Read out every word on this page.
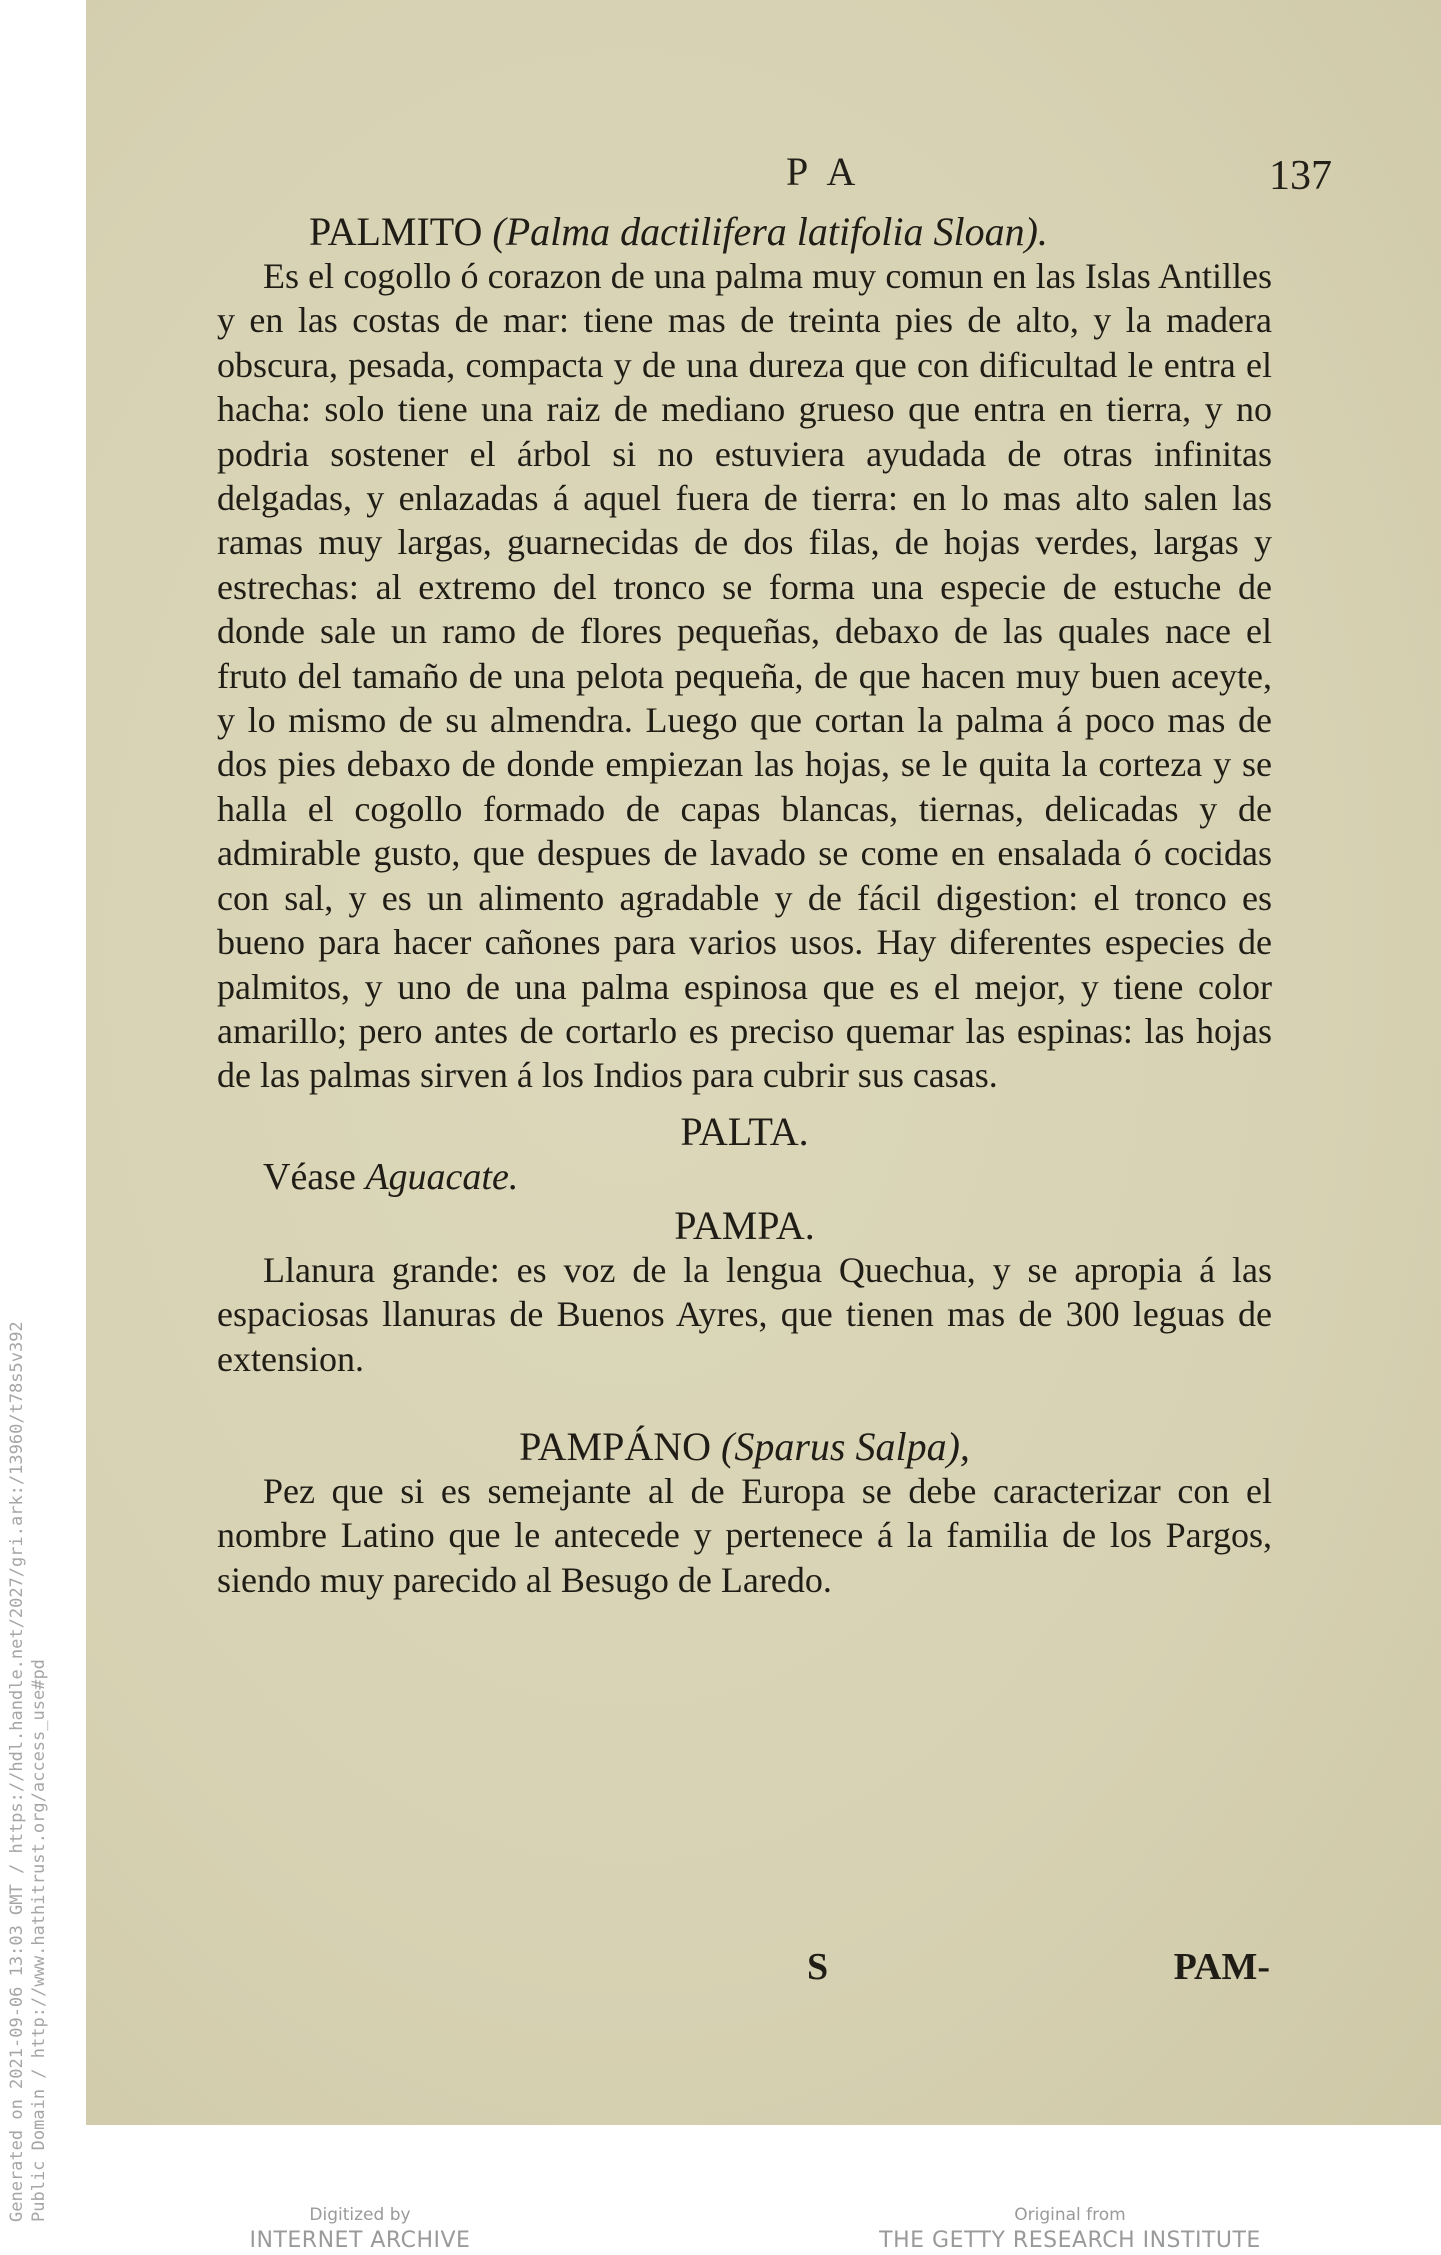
P A	137

PALMITO (Palma dactilifera latifolia Sloan).

Es el cogollo ó corazon de una palma muy comun en las Islas Antilles y en las costas de mar: tiene mas de treinta pies de alto, y la madera obscura, pesada, compacta y de una dureza que con dificultad le entra el hacha: solo tiene una raiz de mediano grueso que entra en tierra, y no podria sostener el árbol si no estuviera ayudada de otras infinitas delgadas, y enlazadas á aquel fuera de tierra: en lo mas alto salen las ramas muy largas, guarnecidas de dos filas, de hojas verdes, largas y estrechas: al extremo del tronco se forma una especie de estuche de donde sale un ramo de flores pequeñas, debaxo de las quales nace el fruto del tamaño de una pelota pequeña, de que hacen muy buen aceyte, y lo mismo de su almendra. Luego que cortan la palma á poco mas de dos pies debaxo de donde empiezan las hojas, se le quita la corteza y se halla el cogollo formado de capas blancas, tiernas, delicadas y de admirable gusto, que despues de lavado se come en ensalada ó cocidas con sal, y es un alimento agradable y de fácil digestion: el tronco es bueno para hacer cañones para varios usos. Hay diferentes especies de palmitos, y uno de una palma espinosa que es el mejor, y tiene color amarillo; pero antes de cortarlo es preciso quemar las espinas: las hojas de las palmas sirven á los Indios para cubrir sus casas.

PALTA.

Véase Aguacate.

PAMPA.

Llanura grande: es voz de la lengua Quechua, y se apropia á las espaciosas llanuras de Buenos Ayres, que tienen mas de 300 leguas de extension.

PAMPÁNO (Sparus Salpa),

Pez que si es semejante al de Europa se debe caracterizar con el nombre Latino que le antecede y pertenece á la familia de los Pargos, siendo muy parecido al Besugo de Laredo.

S	PAM-
Generated on 2021-09-06 13:03 GMT / https://hdl.handle.net/2027/gri.ark:/13960/t78s5v392 Public Domain / http://www.hathitrust.org/access_use#pd	Digitized by
INTERNET ARCHIVE
Original from
THE GETTY RESEARCH INSTITUTE
